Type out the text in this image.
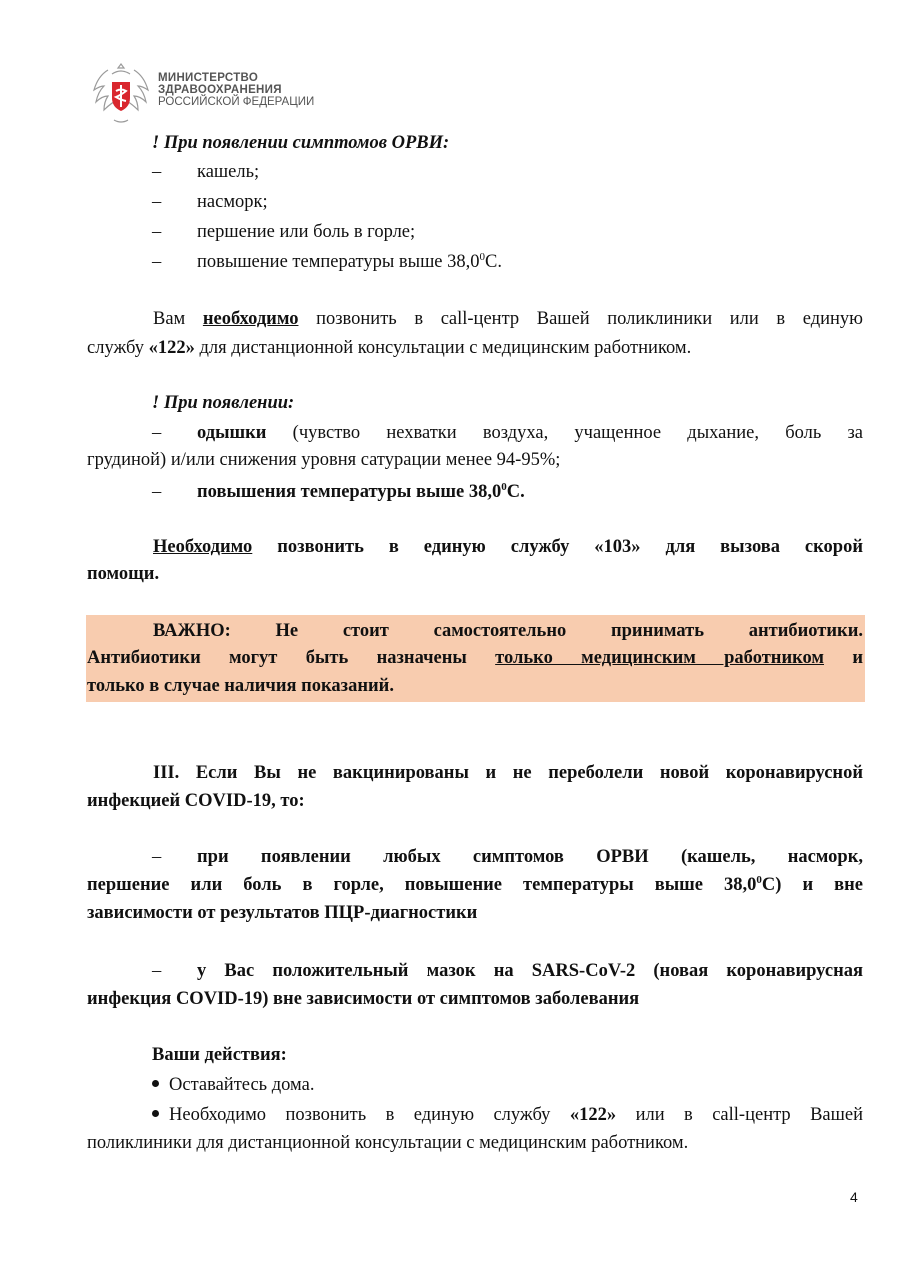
МИНИСТЕРСТВО
ЗДРАВООХРАНЕНИЯ
РОССИЙСКОЙ ФЕДЕРАЦИИ
! При появлении симптомов ОРВИ:
– кашель;
– насморк;
– першение или боль в горле;
– повышение температуры выше 38,0$^0$С.
Вам необходимо позвонить в call-центр Вашей поликлиники или в единую
службу «122» для дистанционной консультации с медицинским работником.
! При появлении:
– одышки (чувство нехватки воздуха, учащенное дыхание, боль за
грудиной) и/или снижения уровня сатурации менее 94-95%;
– повышения температуры выше 38,0$^0$С.
Необходимо позвонить в единую службу «103» для вызова скорой
помощи.
ВАЖНО: Не стоит самостоятельно принимать антибиотики.
Антибиотики могут быть назначены только медицинским работником и
только в случае наличия показаний.
III. Если Вы не вакцинированы и не переболели новой коронавирусной
инфекцией COVID-19, то:
– при появлении любых симптомов ОРВИ (кашель, насморк,
першение или боль в горле, повышение температуры выше 38,0$^0$С) и вне
зависимости от результатов ПЦР-диагностики
– у Вас положительный мазок на SARS-CoV-2 (новая коронавирусная
инфекция COVID-19) вне зависимости от симптомов заболевания
Ваши действия:
Оставайтесь дома.
Необходимо позвонить в единую службу «122» или в call-центр Вашей
поликлиники для дистанционной консультации с медицинским работником.
4
